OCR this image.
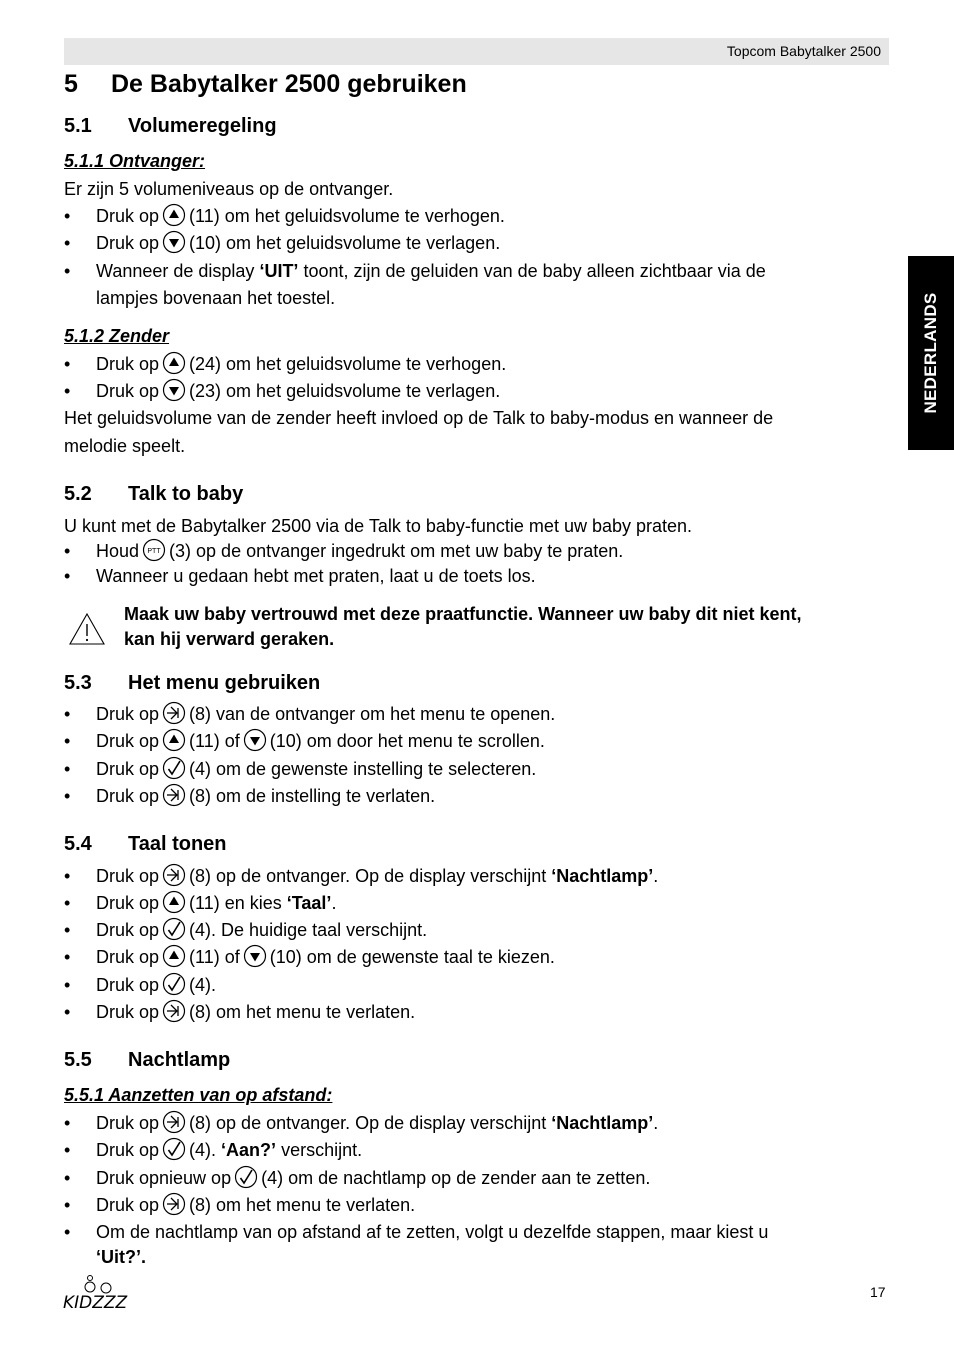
Topcom Babytalker 2500
NEDERLANDS
5 De Babytalker 2500 gebruiken
5.1 Volumeregeling
5.1.1 Ontvanger:
Er zijn 5 volumeniveaus op de ontvanger.
• Druk op (11) om het geluidsvolume te verhogen.
• Druk op (10) om het geluidsvolume te verlagen.
• Wanneer de display ‘UIT’ toont, zijn de geluiden van de baby alleen zichtbaar via de
lampjes bovenaan het toestel.
5.1.2 Zender
• Druk op (24) om het geluidsvolume te verhogen.
• Druk op (23) om het geluidsvolume te verlagen.
Het geluidsvolume van de zender heeft invloed op de Talk to baby-modus en wanneer de
melodie speelt.
5.2 Talk to baby
U kunt met de Babytalker 2500 via de Talk to baby-functie met uw baby praten.
• Houd (3) op de ontvanger ingedrukt om met uw baby te praten.
• Wanneer u gedaan hebt met praten, laat u de toets los.
Maak uw baby vertrouwd met deze praatfunctie. Wanneer uw baby dit niet kent,
kan hij verward geraken.
5.3 Het menu gebruiken
• Druk op (8) van de ontvanger om het menu te openen.
• Druk op (11) of (10) om door het menu te scrollen.
• Druk op (4) om de gewenste instelling te selecteren.
• Druk op (8) om de instelling te verlaten.
5.4 Taal tonen
• Druk op (8) op de ontvanger. Op de display verschijnt ‘Nachtlamp’.
• Druk op (11) en kies ‘Taal’.
• Druk op (4). De huidige taal verschijnt.
• Druk op (11) of (10) om de gewenste taal te kiezen.
• Druk op (4).
• Druk op (8) om het menu te verlaten.
5.5 Nachtlamp
5.5.1 Aanzetten van op afstand:
• Druk op (8) op de ontvanger. Op de display verschijnt ‘Nachtlamp’.
• Druk op (4). ‘Aan?’ verschijnt.
• Druk opnieuw op (4) om de nachtlamp op de zender aan te zetten.
• Druk op (8) om het menu te verlaten.
• Om de nachtlamp van op afstand af te zetten, volgt u dezelfde stappen, maar kiest u
‘Uit?’.
KIDZZZ
17
